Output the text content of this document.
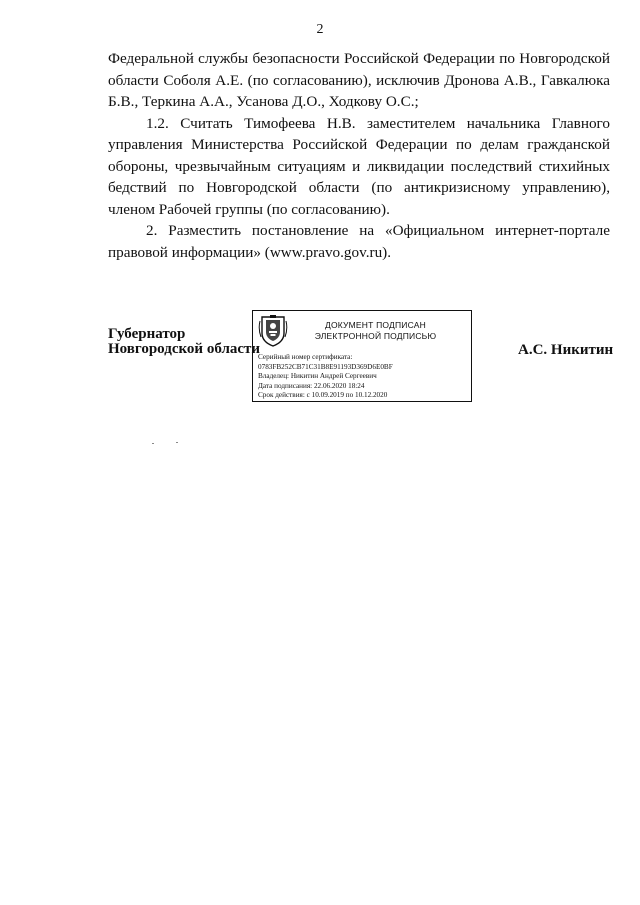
2

Федеральной службы безопасности Российской Федерации по Новгородской области Соболя А.Е. (по согласованию), исключив Дронова А.В., Гавкалюка Б.В., Теркина А.А., Усанова Д.О., Ходкову О.С.;

1.2. Считать Тимофеева Н.В. заместителем начальника Главного управления Министерства Российской Федерации по делам гражданской обороны, чрезвычайным ситуациям и ликвидации последствий стихийных бедствий по Новгородской области (по антикризисному управлению), членом Рабочей группы (по согласованию).

2. Разместить постановление на «Официальном интернет-портале правовой информации» (www.pravo.gov.ru).

Губернатор
Новгородской области
ДОКУМЕНТ ПОДПИСАН
ЭЛЕКТРОННОЙ ПОДПИСЬЮ
Серийный номер сертификата:
0783FB252CB71C31B8E91193D369D6E0BF
Владелец: Никитин Андрей Сергеевич
Дата подписания: 22.06.2020 18:24
Срок действия: с 10.09.2019 по 10.12.2020
А.С. Никитин
